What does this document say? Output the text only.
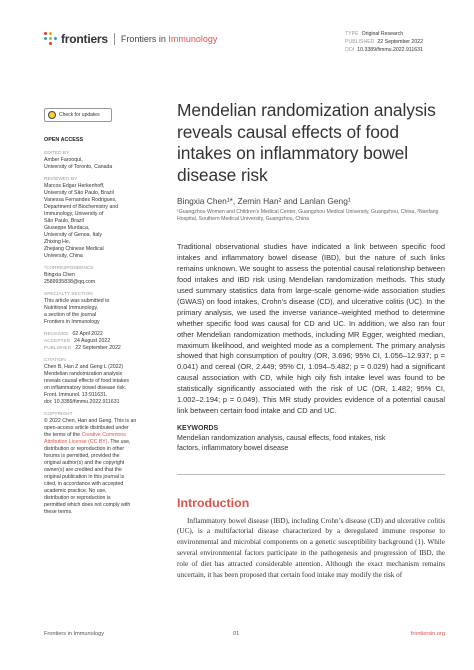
frontiers Frontiers in Immunology	TYPE Original Research
PUBLISHED 22 September 2022
DOI 10.3389/fimmu.2022.911631
Check for updates
OPEN ACCESS
EDITED BY
Amber Farooqui,
University of Toronto, Canada
REVIEWED BY
Marcos Edgar Herkenhoff,
University of São Paulo, Brazil
Vanessa Fernandes Rodrigues,
Department of Biochemistry and
Immunology, University of
São Paulo, Brazil
Giuseppe Murdaca,
University of Genoa, Italy
Zhixing He,
Zhejiang Chinese Medical
University, China
*CORRESPONDENCE
Bingxia Chen
2589935838@qq.com
SPECIALTY SECTION
This article was submitted to
Nutritional Immunology,
a section of the journal
Frontiers in Immunology
RECEIVED 02 April 2022
ACCEPTED 24 August 2022
PUBLISHED 22 September 2022
CITATION
Chen B, Han Z and Geng L (2022)
Mendelian randomization analysis
reveals causal effects of food intakes
on inflammatory bowel disease risk.
Front. Immunol. 13:911631.
doi: 10.3389/fimmu.2022.911631
COPYRIGHT
© 2022 Chen, Han and Geng. This is an
open-access article distributed under
the terms of the Creative Commons
Attribution License (CC BY). The use,
distribution or reproduction in other
forums is permitted, provided the
original author(s) and the copyright
owner(s) are credited and that the
original publication in this journal is
cited, in accordance with accepted
academic practice. No use,
distribution or reproduction is
permitted which does not comply with
these terms.
Mendelian randomization analysis reveals causal effects of food intakes on inflammatory bowel disease risk
Bingxia Chen¹*, Zemin Han² and Lanlan Geng¹
¹Guangzhou Women and Children’s Medical Center, Guangzhou Medical University, Guangzhou, China, ²Nanfang Hospital, Southern Medical University, Guangzhou, China

Traditional observational studies have indicated a link between specific food intakes and inflammatory bowel disease (IBD), but the nature of such links remains unknown. We sought to assess the potential causal relationship between food intakes and IBD risk using Mendelian randomization methods. This study used summary statistics data from large-scale genome-wide association studies (GWAS) on food intakes, Crohn’s disease (CD), and ulcerative colitis (UC). In the primary analysis, we used the inverse variance–weighted method to determine whether specific food was causal for CD and UC. In addition, we also ran four other Mendelian randomization methods, including MR Egger, weighted median, maximum likelihood, and weighted mode as a complement. The primary analysis showed that high consumption of poultry (OR, 3.696; 95% CI, 1.056–12.937; p = 0.041) and cereal (OR, 2.449; 95% CI, 1.094–5.482; p = 0.029) had a significant causal association with CD, while high oily fish intake level was found to be statistically significantly associated with the risk of UC (OR, 1.482; 95% CI, 1.002–2.194; p = 0.049). This MR study provides evidence of a potential causal link between certain food intake and CD and UC.

KEYWORDS
Mendelian randomization analysis, causal effects, food intakes, risk factors, inflammatory bowel disease
Introduction

Inflammatory bowel disease (IBD), including Crohn’s disease (CD) and ulcerative colitis (UC), is a multifactorial disease characterized by a deregulated immune response to environmental and microbial components on a genetic susceptibility background (1). While several environmental factors participate in the pathogenesis and progression of IBD, the role of diet has attracted considerable attention. Although the exact mechanism remains uncertain, it has been proposed that certain food intake may modify the risk of

Frontiers in Immunology	01	frontiersin.org
